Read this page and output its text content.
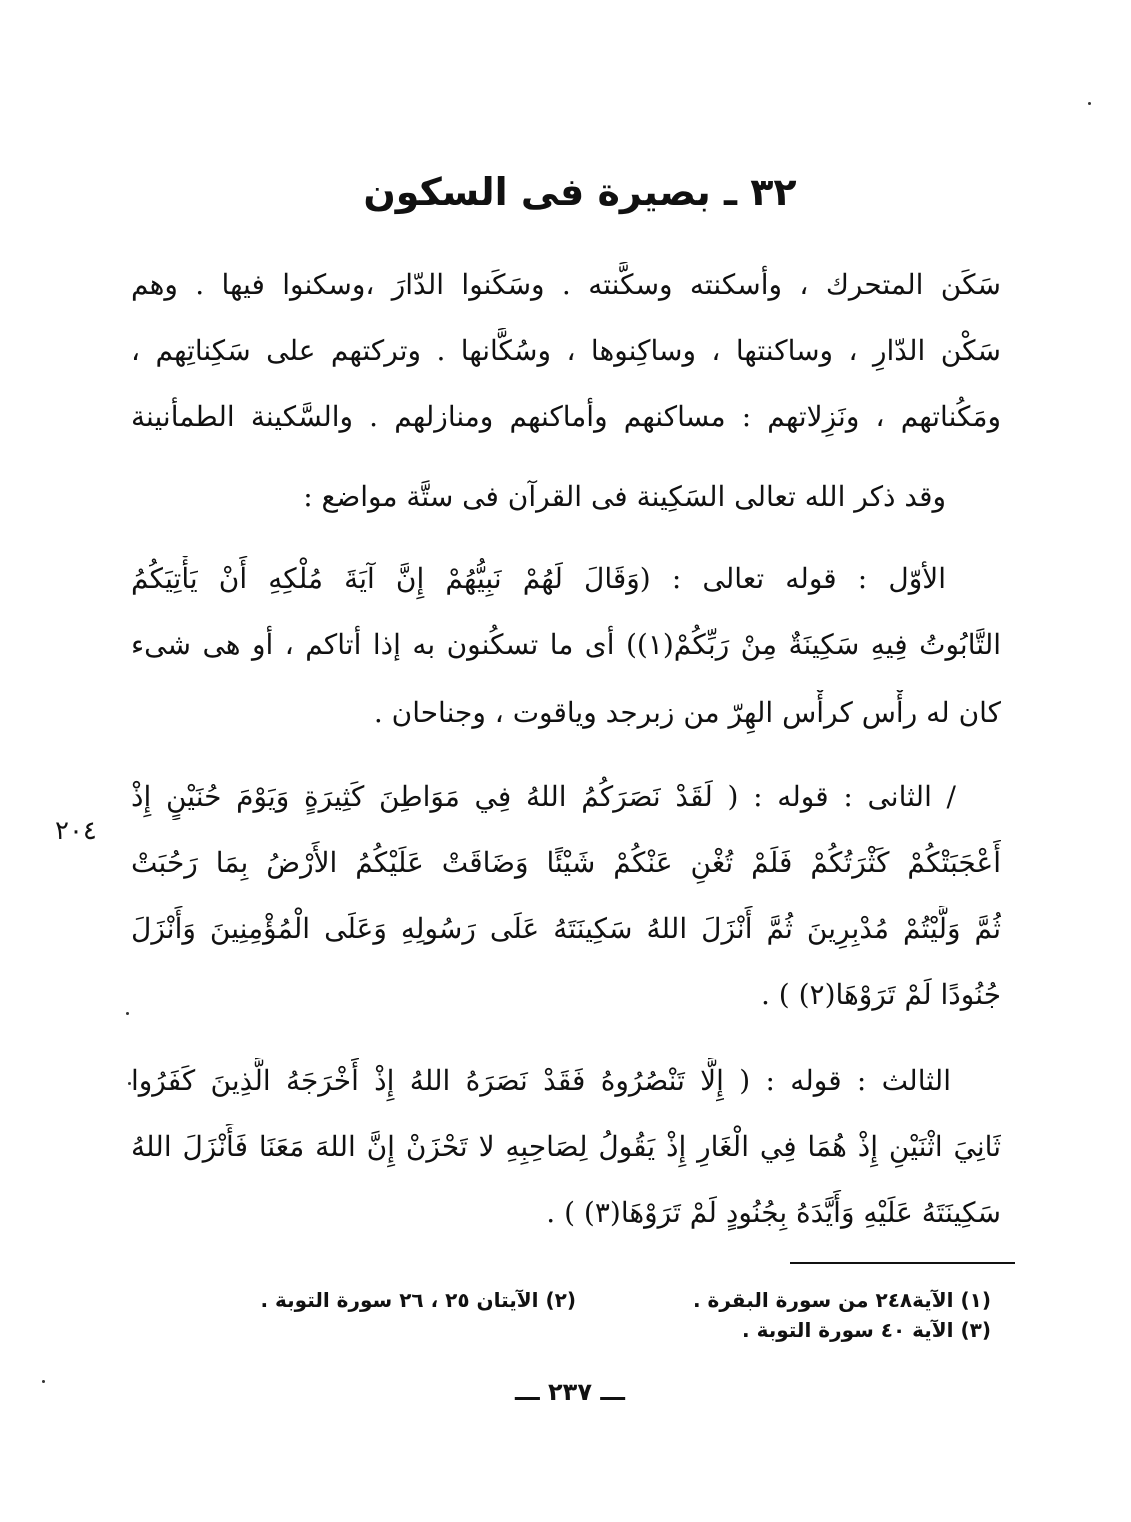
٣٢ ـ بصيرة فى السكون
سَكَن المتحرك ، وأسكنته وسكَّنته . وسَكَنوا الدّارَ ،وسكنوا فيها . وهم
سَكْن الدّارِ ، وساكنتها ، وساكِنوها ، وسُكَّانها . وتركتهم على سَكِناتِهم ،
ومَكُناتهم ، ونَزِلاتهم : مساكنهم وأماكنهم ومنازلهم . والسَّكينة الطمأنينة
وقد ذكر الله تعالى السَكِينة فى القرآن فى ستَّة مواضع :
الأوّل : قوله تعالى : (وَقَالَ لَهُمْ نَبِيُّهُمْ إِنَّ آيَةَ مُلْكِهِ أَنْ يَأْتِيَكُمُ
التَّابُوتُ فِيهِ سَكِينَةٌ مِنْ رَبِّكُمْ(١)) أى ما تسكُنون به إذا أتاكم ، أو هى شىء
كان له رأْس كرأْس الهِرّ من زبرجد وياقوت ، وجناحان .
/ الثانى : قوله : ( لَقَدْ نَصَرَكُمُ اللهُ فِي مَوَاطِنَ كَثِيرَةٍ وَيَوْمَ حُنَيْنٍ إِذْ
أَعْجَبَتْكُمْ كَثْرَتُكُمْ فَلَمْ تُغْنِ عَنْكُمْ شَيْئًا وَضَاقَتْ عَلَيْكُمُ الأَرْضُ بِمَا رَحُبَتْ
ثُمَّ وَلَّيْتُمْ مُدْبِرِينَ ثُمَّ أَنْزَلَ اللهُ سَكِينَتَهُ عَلَى رَسُولِهِ وَعَلَى الْمُؤْمِنِينَ وَأَنْزَلَ
جُنُودًا لَمْ تَرَوْهَا(٢) ) .
الثالث : قوله : ( إِلَّا تَنْصُرُوهُ فَقَدْ نَصَرَهُ اللهُ إِذْ أَخْرَجَهُ الَّذِينَ كَفَرُوا
ثَانِيَ اثْنَيْنِ إِذْ هُمَا فِي الْغَارِ إِذْ يَقُولُ لِصَاحِبِهِ لا تَحْزَنْ إِنَّ اللهَ مَعَنَا فَأَنْزَلَ اللهُ
سَكِينَتَهُ عَلَيْهِ وَأَيَّدَهُ بِجُنُودٍ لَمْ تَرَوْهَا(٣) ) .
٢٠٤
(١) الآية٢٤٨ من سورة البقرة .
(٢) الآيتان ٢٥ ، ٢٦ سورة التوبة .
(٣) الآية ٤٠ سورة التوبة .
ـــ ٢٣٧ ـــ
